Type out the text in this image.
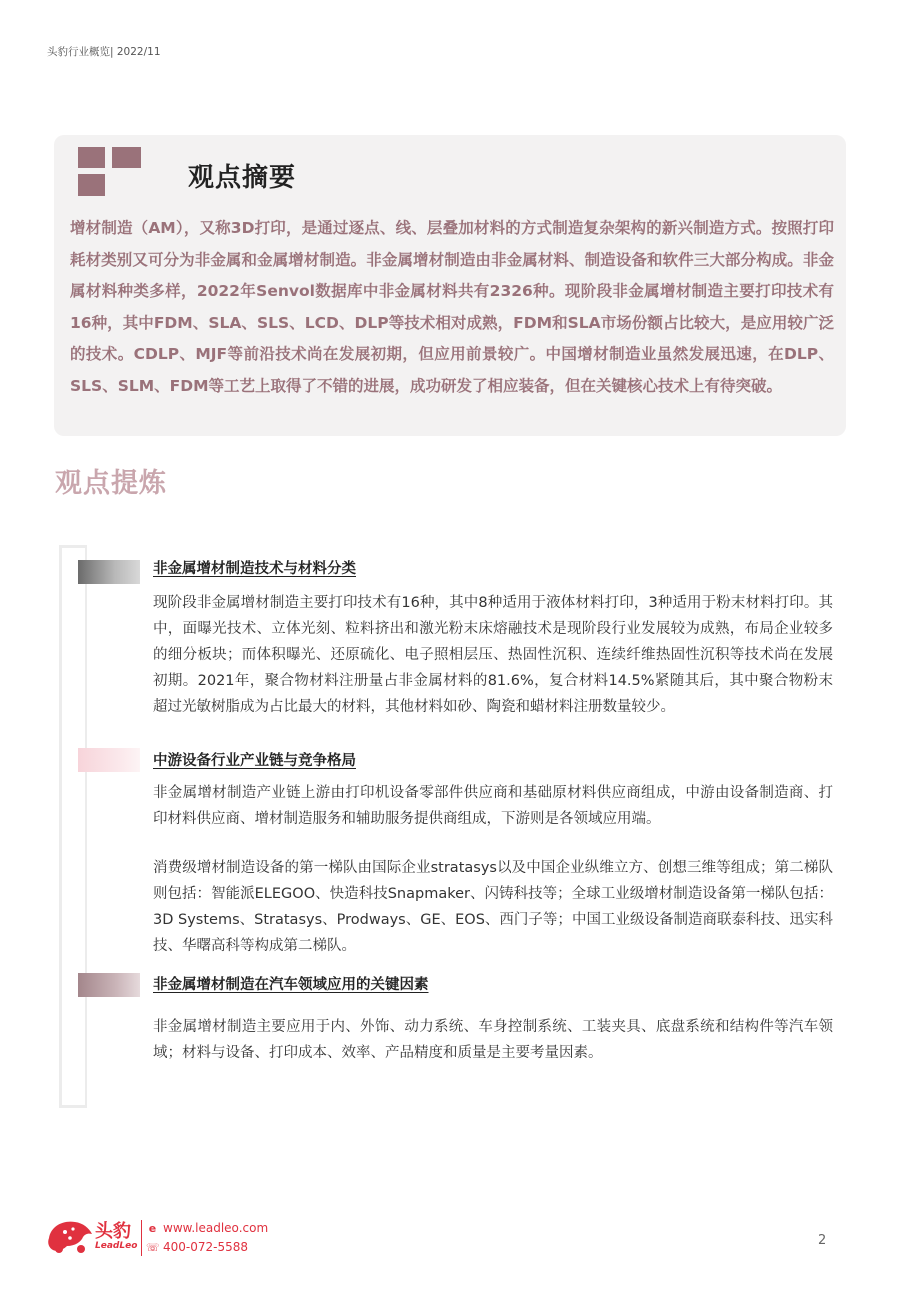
头豹行业概览| 2022/11
观点摘要
增材制造（AM），又称3D打印，是通过逐点、线、层叠加材料的方式制造复杂架构的新兴制造方式。按照打印耗材类别又可分为非金属和金属增材制造。非金属增材制造由非金属材料、制造设备和软件三大部分构成。非金属材料种类多样，2022年Senvol数据库中非金属材料共有2326种。现阶段非金属增材制造主要打印技术有16种，其中FDM、SLA、SLS、LCD、DLP等技术相对成熟，FDM和SLA市场份额占比较大，是应用较广泛的技术。CDLP、MJF等前沿技术尚在发展初期，但应用前景较广。中国增材制造业虽然发展迅速，在DLP、SLS、SLM、FDM等工艺上取得了不错的进展，成功研发了相应装备，但在关键核心技术上有待突破。
观点提炼
非金属增材制造技术与材料分类
现阶段非金属增材制造主要打印技术有16种，其中8种适用于液体材料打印，3种适用于粉末材料打印。其中，面曝光技术、立体光刻、粒料挤出和激光粉末床熔融技术是现阶段行业发展较为成熟，布局企业较多的细分板块；而体积曝光、还原硫化、电子照相层压、热固性沉积、连续纤维热固性沉积等技术尚在发展初期。2021年，聚合物材料注册量占非金属材料的81.6%，复合材料14.5%紧随其后，其中聚合物粉末超过光敏树脂成为占比最大的材料，其他材料如砂、陶瓷和蜡材料注册数量较少。
中游设备行业产业链与竞争格局
非金属增材制造产业链上游由打印机设备零部件供应商和基础原材料供应商组成，中游由设备制造商、打印材料供应商、增材制造服务和辅助服务提供商组成，下游则是各领域应用端。
消费级增材制造设备的第一梯队由国际企业stratasys以及中国企业纵维立方、创想三维等组成；第二梯队则包括：智能派ELEGOO、快造科技Snapmaker、闪铸科技等；全球工业级增材制造设备第一梯队包括：3D Systems、Stratasys、Prodways、GE、EOS、西门子等；中国工业级设备制造商联泰科技、迅实科技、华曙高科等构成第二梯队。
非金属增材制造在汽车领域应用的关键因素
非金属增材制造主要应用于内、外饰、动力系统、车身控制系统、工装夹具、底盘系统和结构件等汽车领域；材料与设备、打印成本、效率、产品精度和质量是主要考量因素。
头豹
LeadLeo
e www.leadleo.com
☏ 400-072-5588	2
